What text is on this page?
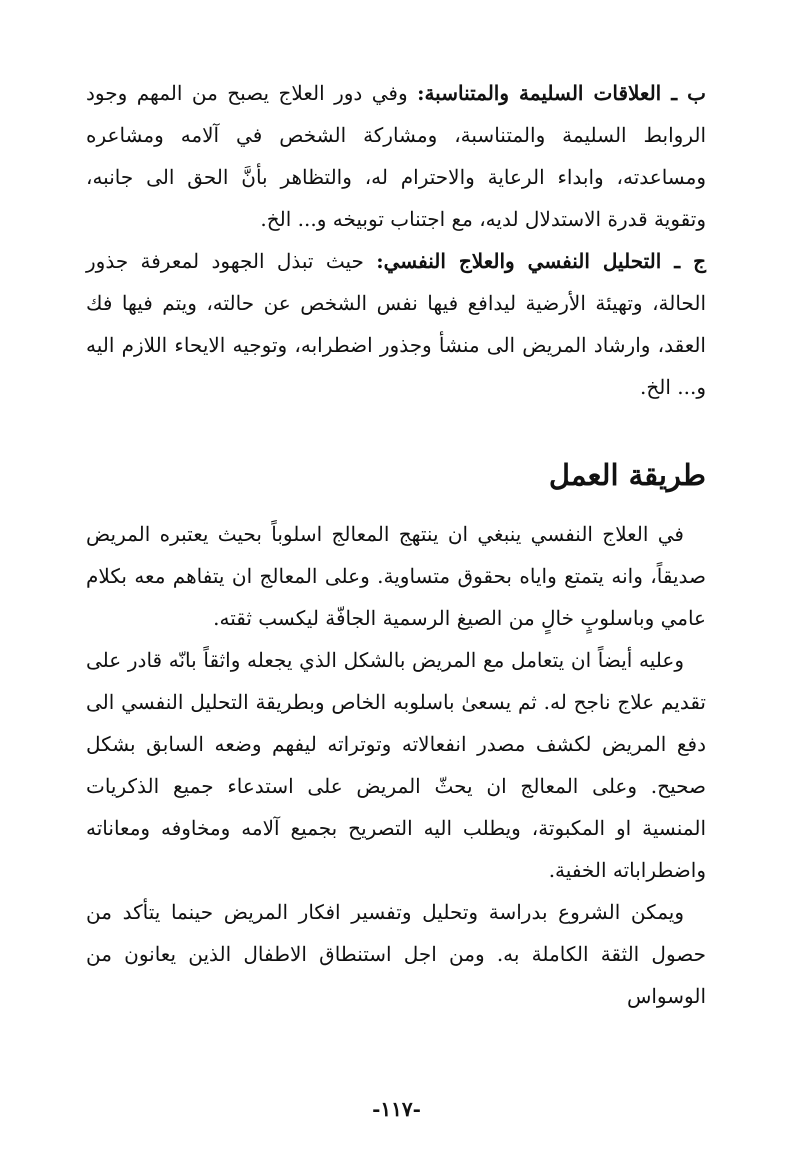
ب ـ العلاقات السليمة والمتناسبة: وفي دور العلاج يصبح من المهم وجود الروابط السليمة والمتناسبة، ومشاركة الشخص في آلامه ومشاعره ومساعدته، وابداء الرعاية والاحترام له، والتظاهر بأنَّ الحق الى جانبه، وتقوية قدرة الاستدلال لديه، مع اجتناب توبيخه و... الخ.

ج ـ التحليل النفسي والعلاج النفسي: حيث تبذل الجهود لمعرفة جذور الحالة، وتهيئة الأرضية ليدافع فيها نفس الشخص عن حالته، ويتم فيها فك العقد، وارشاد المريض الى منشأ وجذور اضطرابه، وتوجيه الايحاء اللازم اليه و... الخ.

طريقة العمل

في العلاج النفسي ينبغي ان ينتهج المعالج اسلوباً بحيث يعتبره المريض صديقاً، وانه يتمتع واياه بحقوق متساوية. وعلى المعالج ان يتفاهم معه بكلام عامي وباسلوبٍ خالٍ من الصيغ الرسمية الجافّة ليكسب ثقته.

وعليه أيضاً ان يتعامل مع المريض بالشكل الذي يجعله واثقاً بانّه قادر على تقديم علاج ناجح له. ثم يسعىٰ باسلوبه الخاص وبطريقة التحليل النفسي الى دفع المريض لكشف مصدر انفعالاته وتوتراته ليفهم وضعه السابق بشكل صحيح. وعلى المعالج ان يحثّ المريض على استدعاء جميع الذكريات المنسية او المكبوتة، ويطلب اليه التصريح بجميع آلامه ومخاوفه ومعاناته واضطراباته الخفية.

ويمكن الشروع بدراسة وتحليل وتفسير افكار المريض حينما يتأكد من حصول الثقة الكاملة به. ومن اجل استنطاق الاطفال الذين يعانون من الوسواس

-١١٧-
